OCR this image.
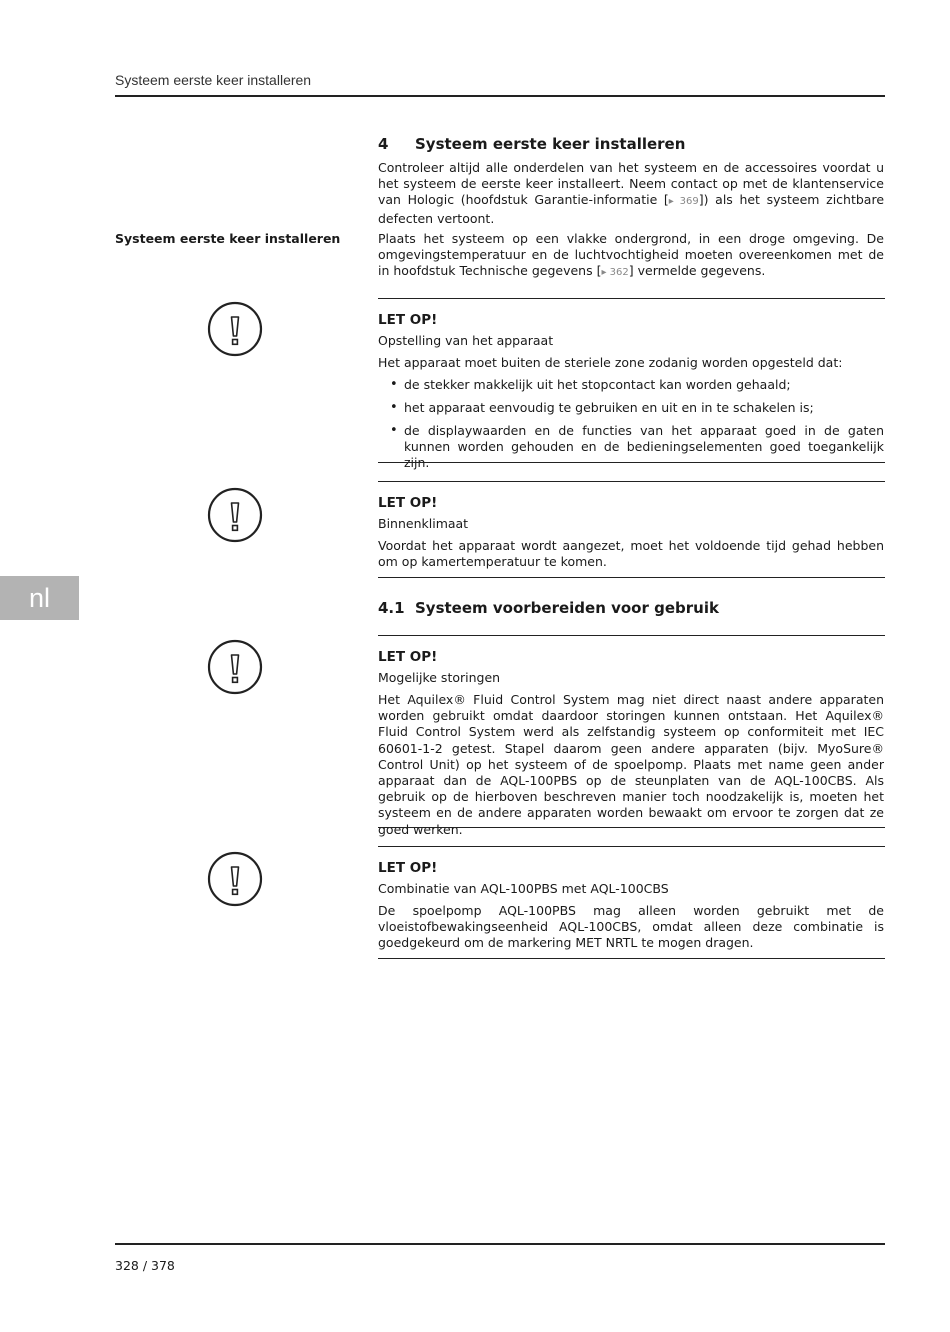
Systeem eerste keer installeren
nl
4 Systeem eerste keer installeren
Controleer altijd alle onderdelen van het systeem en de accessoires voordat u het systeem de eerste keer installeert. Neem contact op met de klantenservice van Hologic (hoofdstuk Garantie-informatie [▸ 369]) als het systeem zichtbare defecten vertoont.
Systeem eerste keer installeren	Plaats het systeem op een vlakke ondergrond, in een droge omgeving. De omgevingstemperatuur en de luchtvochtigheid moeten overeenkomen met de in hoofdstuk Technische gegevens [▸ 362] vermelde gegevens.
LET OP!
Opstelling van het apparaat
Het apparaat moet buiten de steriele zone zodanig worden opgesteld dat:
• de stekker makkelijk uit het stopcontact kan worden gehaald;
• het apparaat eenvoudig te gebruiken en uit en in te schakelen is;
• de displaywaarden en de functies van het apparaat goed in de gaten kunnen worden gehouden en de bedieningselementen goed toegankelijk zijn.
LET OP!
Binnenklimaat
Voordat het apparaat wordt aangezet, moet het voldoende tijd gehad hebben om op kamertemperatuur te komen.
4.1 Systeem voorbereiden voor gebruik
LET OP!
Mogelijke storingen
Het Aquilex® Fluid Control System mag niet direct naast andere apparaten worden gebruikt omdat daardoor storingen kunnen ontstaan. Het Aquilex® Fluid Control System werd als zelfstandig systeem op conformiteit met IEC 60601-1-2 getest. Stapel daarom geen andere apparaten (bijv. MyoSure® Control Unit) op het systeem of de spoelpomp. Plaats met name geen ander apparaat dan de AQL-100PBS op de steunplaten van de AQL-100CBS. Als gebruik op de hierboven beschreven manier toch noodzakelijk is, moeten het systeem en de andere apparaten worden bewaakt om ervoor te zorgen dat ze goed werken.
LET OP!
Combinatie van AQL-100PBS met AQL-100CBS
De spoelpomp AQL-100PBS mag alleen worden gebruikt met de vloeistofbewakingseenheid AQL-100CBS, omdat alleen deze combinatie is goedgekeurd om de markering MET NRTL te mogen dragen.
328 / 378
